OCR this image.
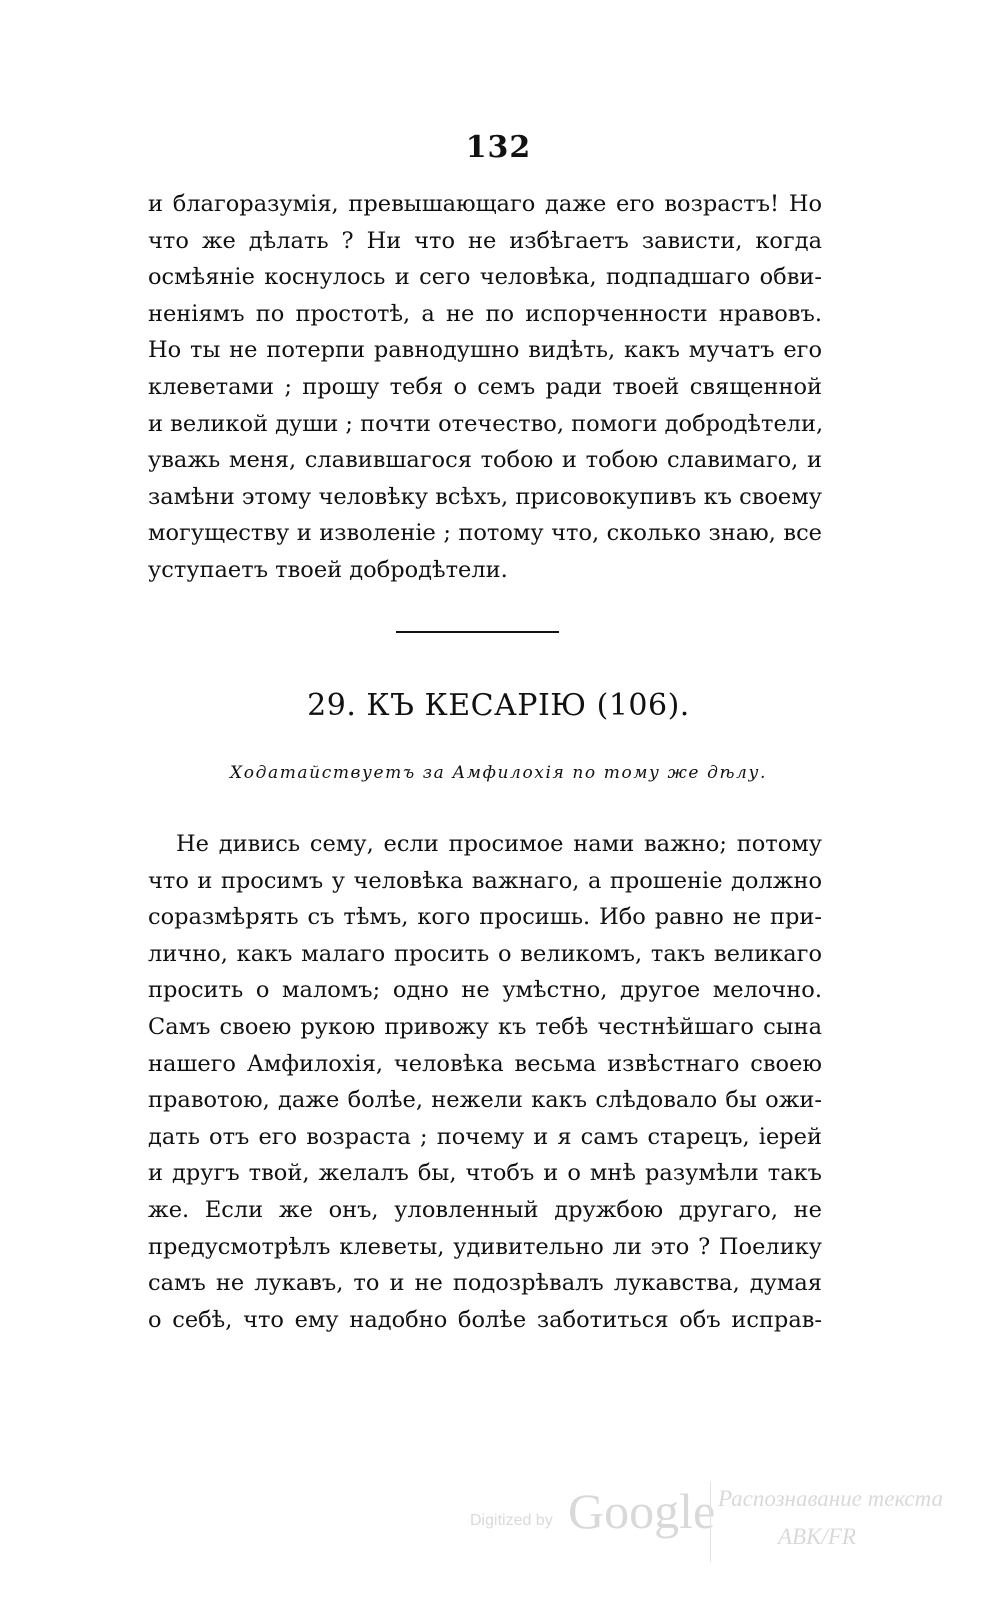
132
и благоразумія, превышающаго даже его возрастъ! Но
что же дѣлать ? Ни что не избѣгаетъ зависти, когда
осмѣяніе коснулось и сего человѣка, подпадшаго обви-
неніямъ по простотѣ, а не по испорченности нравовъ.
Но ты не потерпи равнодушно видѣть, какъ мучатъ его
клеветами ; прошу тебя о семъ ради твоей священной
и великой души ; почти отечество, помоги добродѣтели,
уважь меня, славившагося тобою и тобою славимаго, и
замѣни этому человѣку всѣхъ, присовокупивъ къ своему
могуществу и изволеніе ; потому что, сколько знаю, все
уступаетъ твоей добродѣтели.
29. КЪ КЕСАРІЮ (106).
Ходатайствуетъ за Амфилохія по тому же дѣлу.
Не дивись сему, если просимое нами важно; потому
что и просимъ у человѣка важнаго, а прошеніе должно
соразмѣрять съ тѣмъ, кого просишь. Ибо равно не при-
лично, какъ малаго просить о великомъ, такъ великаго
просить о маломъ; одно не умѣстно, другое мелочно.
Самъ своею рукою привожу къ тебѣ честнѣйшаго сына
нашего Амфилохія, человѣка весьма извѣстнаго своею
правотою, даже болѣе, нежели какъ слѣдовало бы ожи-
дать отъ его возраста ; почему и я самъ старецъ, іерей
и другъ твой, желалъ бы, чтобъ и о мнѣ разумѣли такъ
же. Если же онъ, уловленный дружбою другаго, не
предусмотрѣлъ клеветы, удивительно ли это ? Поелику
самъ не лукавъ, то и не подозрѣвалъ лукавства, думая
о себѣ, что ему надобно болѣе заботиться объ исправ-
Digitized by Google Распознавание текста
ABK/FR
